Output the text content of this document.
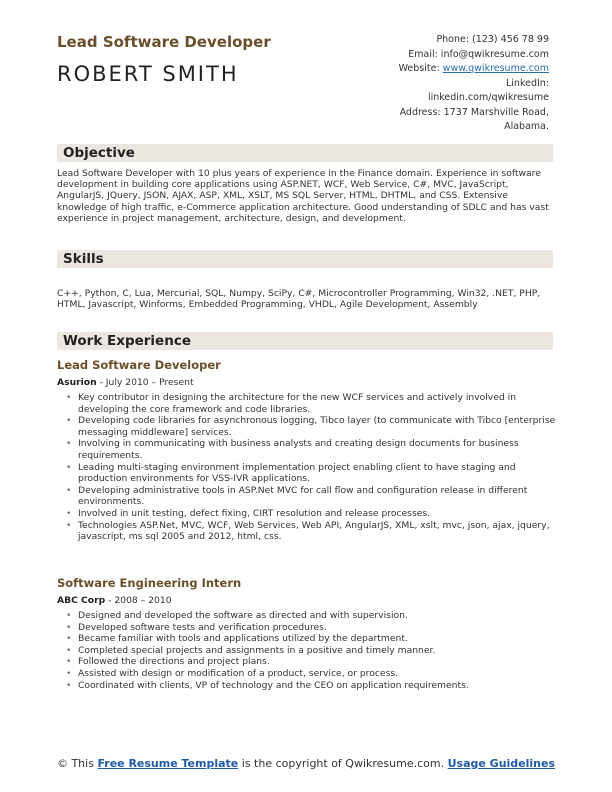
Lead Software Developer
ROBERT SMITH
Phone: (123) 456 78 99
Email: info@qwikresume.com
Website: www.qwikresume.com
LinkedIn:
linkedin.com/qwikresume
Address: 1737 Marshville Road,
Alabama.
Objective
Lead Software Developer with 10 plus years of experience in the Finance domain. Experience in software development in building core applications using ASP.NET, WCF, Web Service, C#, MVC, JavaScript, AngularJS, JQuery, JSON, AJAX, ASP, XML, XSLT, MS SQL Server, HTML, DHTML, and CSS. Extensive knowledge of high traffic, e-Commerce application architecture. Good understanding of SDLC and has vast experience in project management, architecture, design, and development.
Skills
C++, Python, C, Lua, Mercurial, SQL, Numpy, SciPy, C#, Microcontroller Programming, Win32, .NET, PHP, HTML, Javascript, Winforms, Embedded Programming, VHDL, Agile Development, Assembly
Work Experience
Lead Software Developer
Asurion - July 2010 – Present
• Key contributor in designing the architecture for the new WCF services and actively involved in developing the core framework and code libraries.
• Developing code libraries for asynchronous logging, Tibco layer (to communicate with Tibco [enterprise messaging middleware] services.
• Involving in communicating with business analysts and creating design documents for business requirements.
• Leading multi-staging environment implementation project enabling client to have staging and production environments for VSS-IVR applications.
• Developing administrative tools in ASP.Net MVC for call flow and configuration release in different environments.
• Involved in unit testing, defect fixing, CIRT resolution and release processes.
• Technologies ASP.Net, MVC, WCF, Web Services, Web API, AngularJS, XML, xslt, mvc, json, ajax, jquery, javascript, ms sql 2005 and 2012, html, css.
Software Engineering Intern
ABC Corp - 2008 – 2010
• Designed and developed the software as directed and with supervision.
• Developed software tests and verification procedures.
• Became familiar with tools and applications utilized by the department.
• Completed special projects and assignments in a positive and timely manner.
• Followed the directions and project plans.
• Assisted with design or modification of a product, service, or process.
• Coordinated with clients, VP of technology and the CEO on application requirements.
© This Free Resume Template is the copyright of Qwikresume.com. Usage Guidelines
